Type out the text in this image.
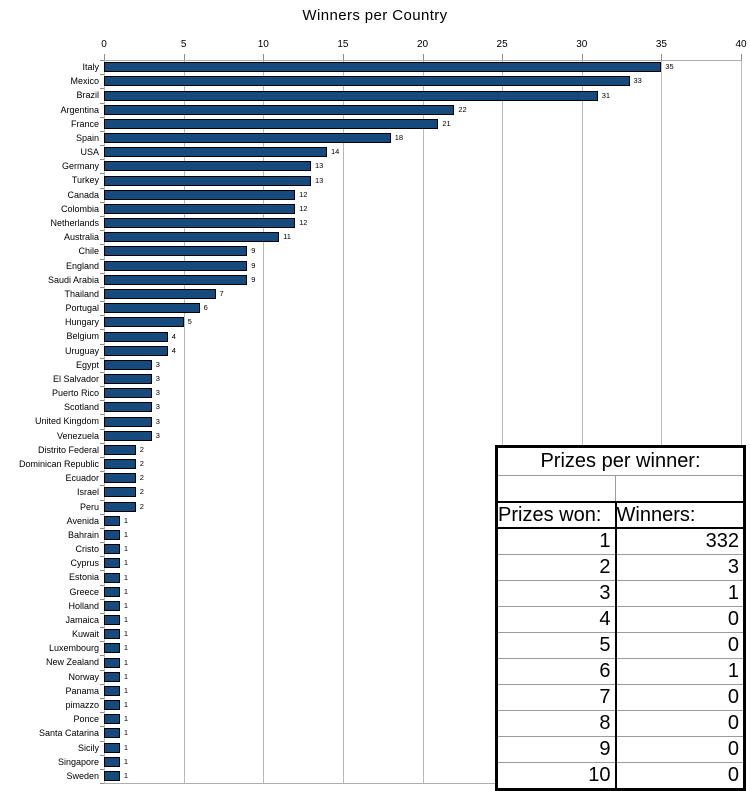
Winners per Country
0	5	10	15	20	25	30	35	40
Italy	35
Mexico	33
Brazil	31
Argentina	22
France	21
Spain	18
USA	14
Germany	13
Turkey	13
Canada	12
Colombia	12
Netherlands	12
Australia	11
Chile	9
England	9
Saudi Arabia	9
Thailand	7
Portugal	6
Hungary	5
Belgium	4
Uruguay	4
Egypt	3
El Salvador	3
Puerto Rico	3
Scotland	3
United Kingdom	3
Venezuela	3
Distrito Federal	2
Dominican Republic	2
Ecuador	2
Israel	2
Peru	2
Avenida	1
Bahrain	1
Cristo	1
Cyprus	1
Estonia	1
Greece	1
Holland	1
Jamaica	1
Kuwait	1
Luxembourg	1
New Zealand	1
Norway	1
Panama	1
pimazzo	1
Ponce	1
Santa Catarina	1
Sicily	1
Singapore	1
Sweden	1
Prizes per winner:	

Prizes won:	Winners:
1	332
2	3
3	1
4	0
5	0
6	1
7	0
8	0
9	0
10	0
